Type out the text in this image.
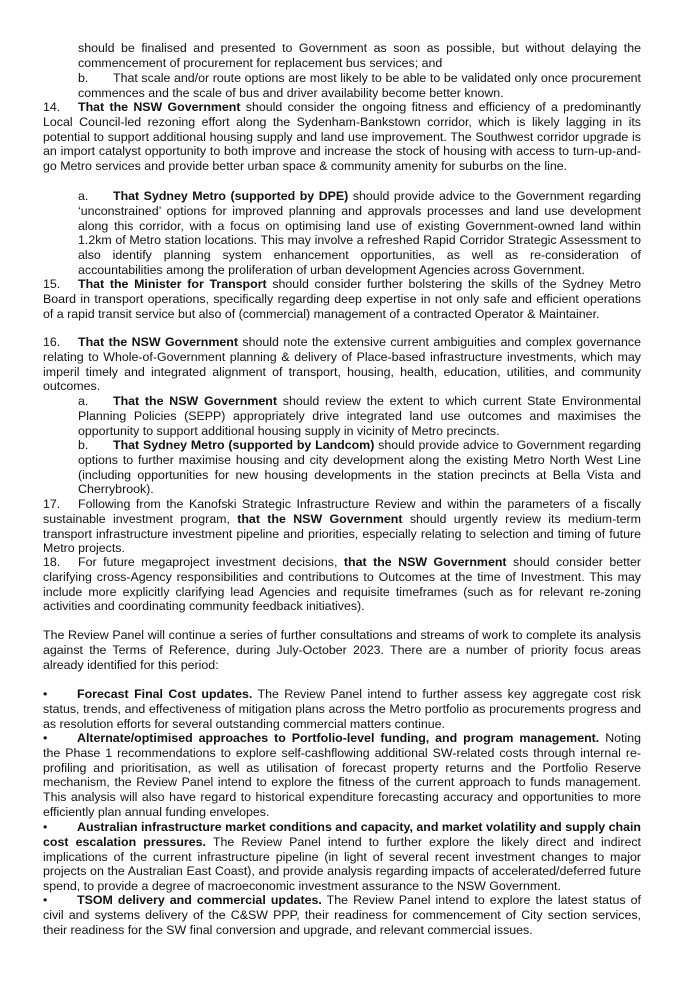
should be finalised and presented to Government as soon as possible, but without delaying the commencement of procurement for replacement bus services; and

b. That scale and/or route options are most likely to be able to be validated only once procurement commences and the scale of bus and driver availability become better known.

14. That the NSW Government should consider the ongoing fitness and efficiency of a predominantly Local Council-led rezoning effort along the Sydenham-Bankstown corridor, which is likely lagging in its potential to support additional housing supply and land use improvement. The Southwest corridor upgrade is an import catalyst opportunity to both improve and increase the stock of housing with access to turn-up-and-go Metro services and provide better urban space & community amenity for suburbs on the line.

a. That Sydney Metro (supported by DPE) should provide advice to the Government regarding ‘unconstrained’ options for improved planning and approvals processes and land use development along this corridor, with a focus on optimising land use of existing Government-owned land within 1.2km of Metro station locations. This may involve a refreshed Rapid Corridor Strategic Assessment to also identify planning system enhancement opportunities, as well as re-consideration of accountabilities among the proliferation of urban development Agencies across Government.

15. That the Minister for Transport should consider further bolstering the skills of the Sydney Metro Board in transport operations, specifically regarding deep expertise in not only safe and efficient operations of a rapid transit service but also of (commercial) management of a contracted Operator & Maintainer.

16. That the NSW Government should note the extensive current ambiguities and complex governance relating to Whole-of-Government planning & delivery of Place-based infrastructure investments, which may imperil timely and integrated alignment of transport, housing, health, education, utilities, and community outcomes.

a. That the NSW Government should review the extent to which current State Environmental Planning Policies (SEPP) appropriately drive integrated land use outcomes and maximises the opportunity to support additional housing supply in vicinity of Metro precincts.

b. That Sydney Metro (supported by Landcom) should provide advice to Government regarding options to further maximise housing and city development along the existing Metro North West Line (including opportunities for new housing developments in the station precincts at Bella Vista and Cherrybrook).

17. Following from the Kanofski Strategic Infrastructure Review and within the parameters of a fiscally sustainable investment program, that the NSW Government should urgently review its medium-term transport infrastructure investment pipeline and priorities, especially relating to selection and timing of future Metro projects.

18. For future megaproject investment decisions, that the NSW Government should consider better clarifying cross-Agency responsibilities and contributions to Outcomes at the time of Investment. This may include more explicitly clarifying lead Agencies and requisite timeframes (such as for relevant re-zoning activities and coordinating community feedback initiatives).

The Review Panel will continue a series of further consultations and streams of work to complete its analysis against the Terms of Reference, during July-October 2023. There are a number of priority focus areas already identified for this period:

• Forecast Final Cost updates. The Review Panel intend to further assess key aggregate cost risk status, trends, and effectiveness of mitigation plans across the Metro portfolio as procurements progress and as resolution efforts for several outstanding commercial matters continue.

• Alternate/optimised approaches to Portfolio-level funding, and program management. Noting the Phase 1 recommendations to explore self-cashflowing additional SW-related costs through internal re-profiling and prioritisation, as well as utilisation of forecast property returns and the Portfolio Reserve mechanism, the Review Panel intend to explore the fitness of the current approach to funds management. This analysis will also have regard to historical expenditure forecasting accuracy and opportunities to more efficiently plan annual funding envelopes.

• Australian infrastructure market conditions and capacity, and market volatility and supply chain cost escalation pressures. The Review Panel intend to further explore the likely direct and indirect implications of the current infrastructure pipeline (in light of several recent investment changes to major projects on the Australian East Coast), and provide analysis regarding impacts of accelerated/deferred future spend, to provide a degree of macroeconomic investment assurance to the NSW Government.

• TSOM delivery and commercial updates. The Review Panel intend to explore the latest status of civil and systems delivery of the C&SW PPP, their readiness for commencement of City section services, their readiness for the SW final conversion and upgrade, and relevant commercial issues.
